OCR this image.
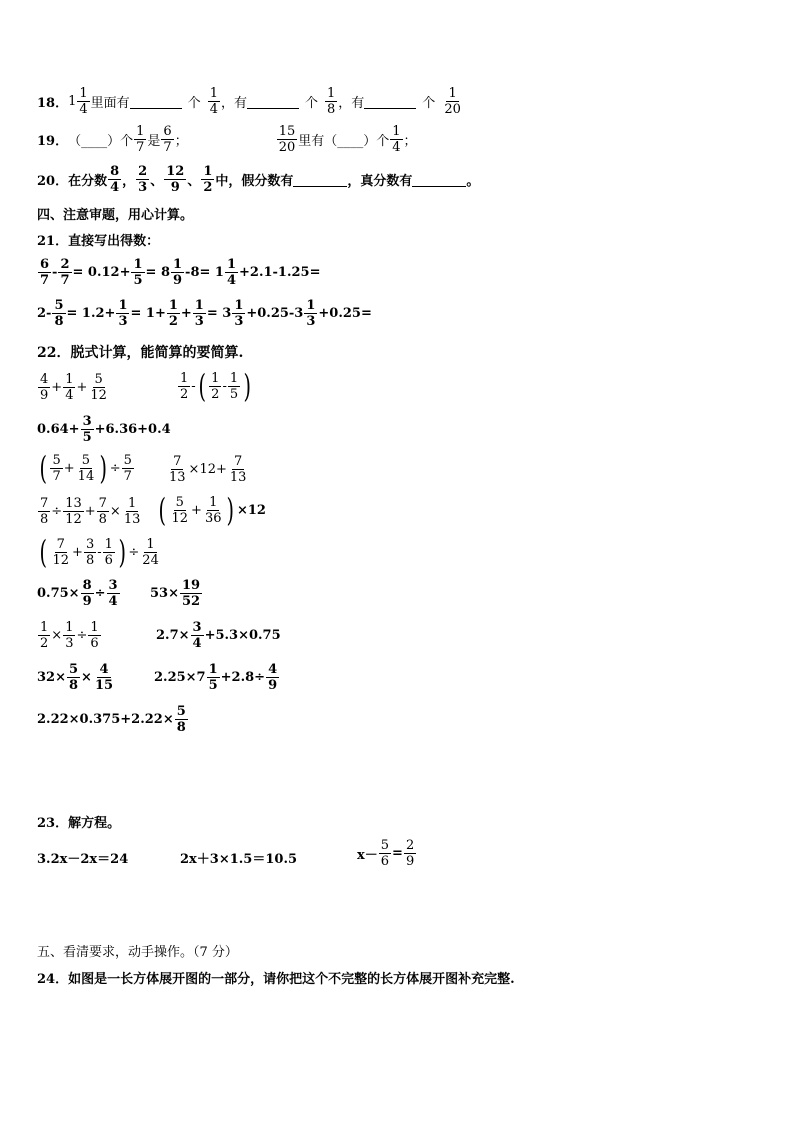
18． $1 \frac{1}{4}$ 里面有	个 $\frac{1}{4}$ ，有	个 $\frac{1}{8}$ ，有	个 $\frac{1}{20}$
19． （____）个 $\frac{1}{7}$ 是 $\frac{6}{7}$ ；	$\frac{15}{20}$ 里有（____）个 $\frac{1}{4}$ ；
20． 在分数 $\frac{8}{4}$ ， $\frac{2}{3}$ 、 $\frac{12}{9}$ 、 $\frac{1}{2}$ 中，假分数有	，真分数有	。
四、注意审题，用心计算。
21．直接写出得数：
$\frac{6}{7} - \frac{2}{7} = 0.12+ \frac{1}{5} = 8 \frac{1}{9} -8= 1 \frac{1}{4} +2.1-1.25=$
$2- \frac{5}{8} = 1.2+ \frac{1}{3} = 1+ \frac{1}{2} + \frac{1}{3} = 3 \frac{1}{3} +0.25-3 \frac{1}{3} +0.25=$
22．脱式计算，能简算的要简算.
$\frac{4}{9} + \frac{1}{4} + \frac{5}{12}$	$\frac{1}{2}$ - ( $\frac{1}{2} - \frac{1}{5}$ )
$0.64+ \frac{3}{5} +6.36+0.4$
( $\frac{5}{7} + \frac{5}{14}$ ) ÷ $\frac{5}{7}$	$\frac{7}{13} \times 12+ \frac{7}{13}$
$\frac{7}{8} \div \frac{13}{12} + \frac{7}{8} \times \frac{1}{13}$ ( $\frac{5}{12} + \frac{1}{36}$ ) ×12
( $\frac{7}{12} + \frac{3}{8} - \frac{1}{6}$ ) ÷ $\frac{1}{24}$
$0.75\times \frac{8}{9} \div \frac{3}{4} 53\times \frac{19}{52}$
$\frac{1}{2} \times \frac{1}{3} \div \frac{1}{6}$	$2.7\times \frac{3}{4} +5.3\times 0.75$
$32\times \frac{5}{8} \times \frac{4}{15}$	$2.25\times 7 \frac{1}{5} +2.8\div \frac{4}{9}$
$2.22\times 0.375+2.22\times \frac{5}{8}$
23．解方程。
3.2x－2x＝24	2x＋3×1.5＝10.5	$x- \frac{5}{6} = \frac{2}{9}$
五、看清要求，动手操作。（7 分）
24．如图是一长方体展开图的一部分，请你把这个不完整的长方体展开图补充完整.
